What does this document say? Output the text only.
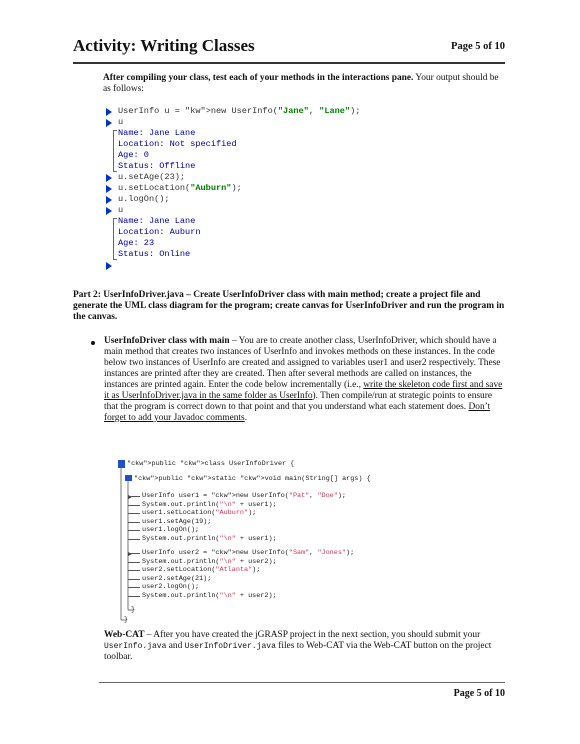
Activity: Writing Classes	Page 5 of 10
After compiling your class, test each of your methods in the interactions pane. Your output should be as follows:
UserInfo u = "kw">new UserInfo("Jane", "Lane");
u
Name: Jane Lane
Location: Not specified
Age: 0
Status: Offline
u.setAge(23);
u.setLocation("Auburn");
u.logOn();
u
Name: Jane Lane
Location: Auburn
Age: 23
Status: Online
Part 2: UserInfoDriver.java – Create UserInfoDriver class with main method; create a project file and generate the UML class diagram for the program; create canvas for UserInfoDriver and run the program in the canvas.
UserInfoDriver class with main – You are to create another class, UserInfoDriver, which should have a main method that creates two instances of UserInfo and invokes methods on these instances. In the code below two instances of UserInfo are created and assigned to variables user1 and user2 respectively. These instances are printed after they are created. Then after several methods are called on instances, the instances are printed again. Enter the code below incrementally (i.e., write the skeleton code first and save it as UserInfoDriver.java in the same folder as UserInfo). Then compile/run at strategic points to ensure that the program is correct down to that point and that you understand what each statement does. Don’t forget to add your Javadoc comments.
"ckw">public "ckw">class UserInfoDriver {
"ckw">public "ckw">static "ckw">void main(String[] args) {
UserInfo user1 = "ckw">new UserInfo("Pat", "Doe");
System.out.println("\n" + user1);
user1.setLocation("Auburn");
user1.setAge(19);
user1.logOn();
System.out.println("\n" + user1);
UserInfo user2 = "ckw">new UserInfo("Sam", "Jones");
System.out.println("\n" + user2);
user2.setLocation("Atlanta");
user2.setAge(21);
user2.logOn();
System.out.println("\n" + user2);
}
}
Web-CAT – After you have created the jGRASP project in the next section, you should submit your UserInfo.java and UserInfoDriver.java files to Web-CAT via the Web-CAT button on the project toolbar.
Page 5 of 10
